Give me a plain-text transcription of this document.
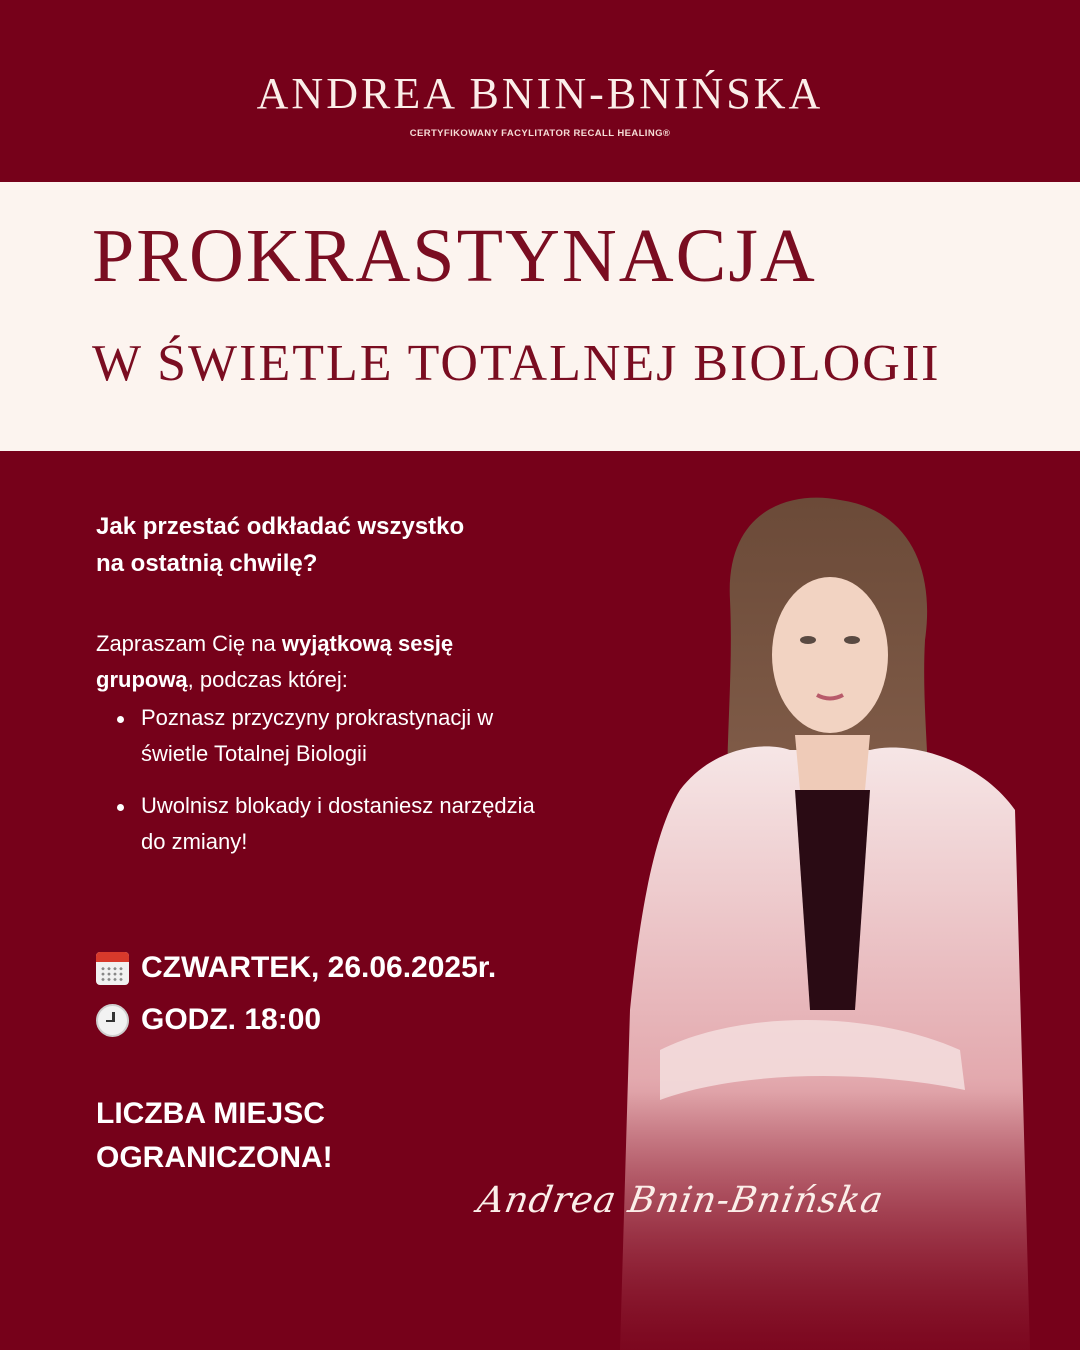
ANDREA BNIN-BNIŃSKA
CERTYFIKOWANY FACYLITATOR RECALL HEALING®
PROKRASTYNACJA
W ŚWIETLE TOTALNEJ BIOLOGII

Jak przestać odkładać wszystko
na ostatnią chwilę?

Zapraszam Cię na wyjątkową sesję grupową, podczas której:

Poznasz przyczyny prokrastynacji w świetle Totalnej Biologii
Uwolnisz blokady i dostaniesz narzędzia do zmiany!
CZWARTEK, 26.06.2025r.
GODZ. 18:00
LICZBA MIEJSC
OGRANICZONA!
Andrea Bnin-Bnińska
